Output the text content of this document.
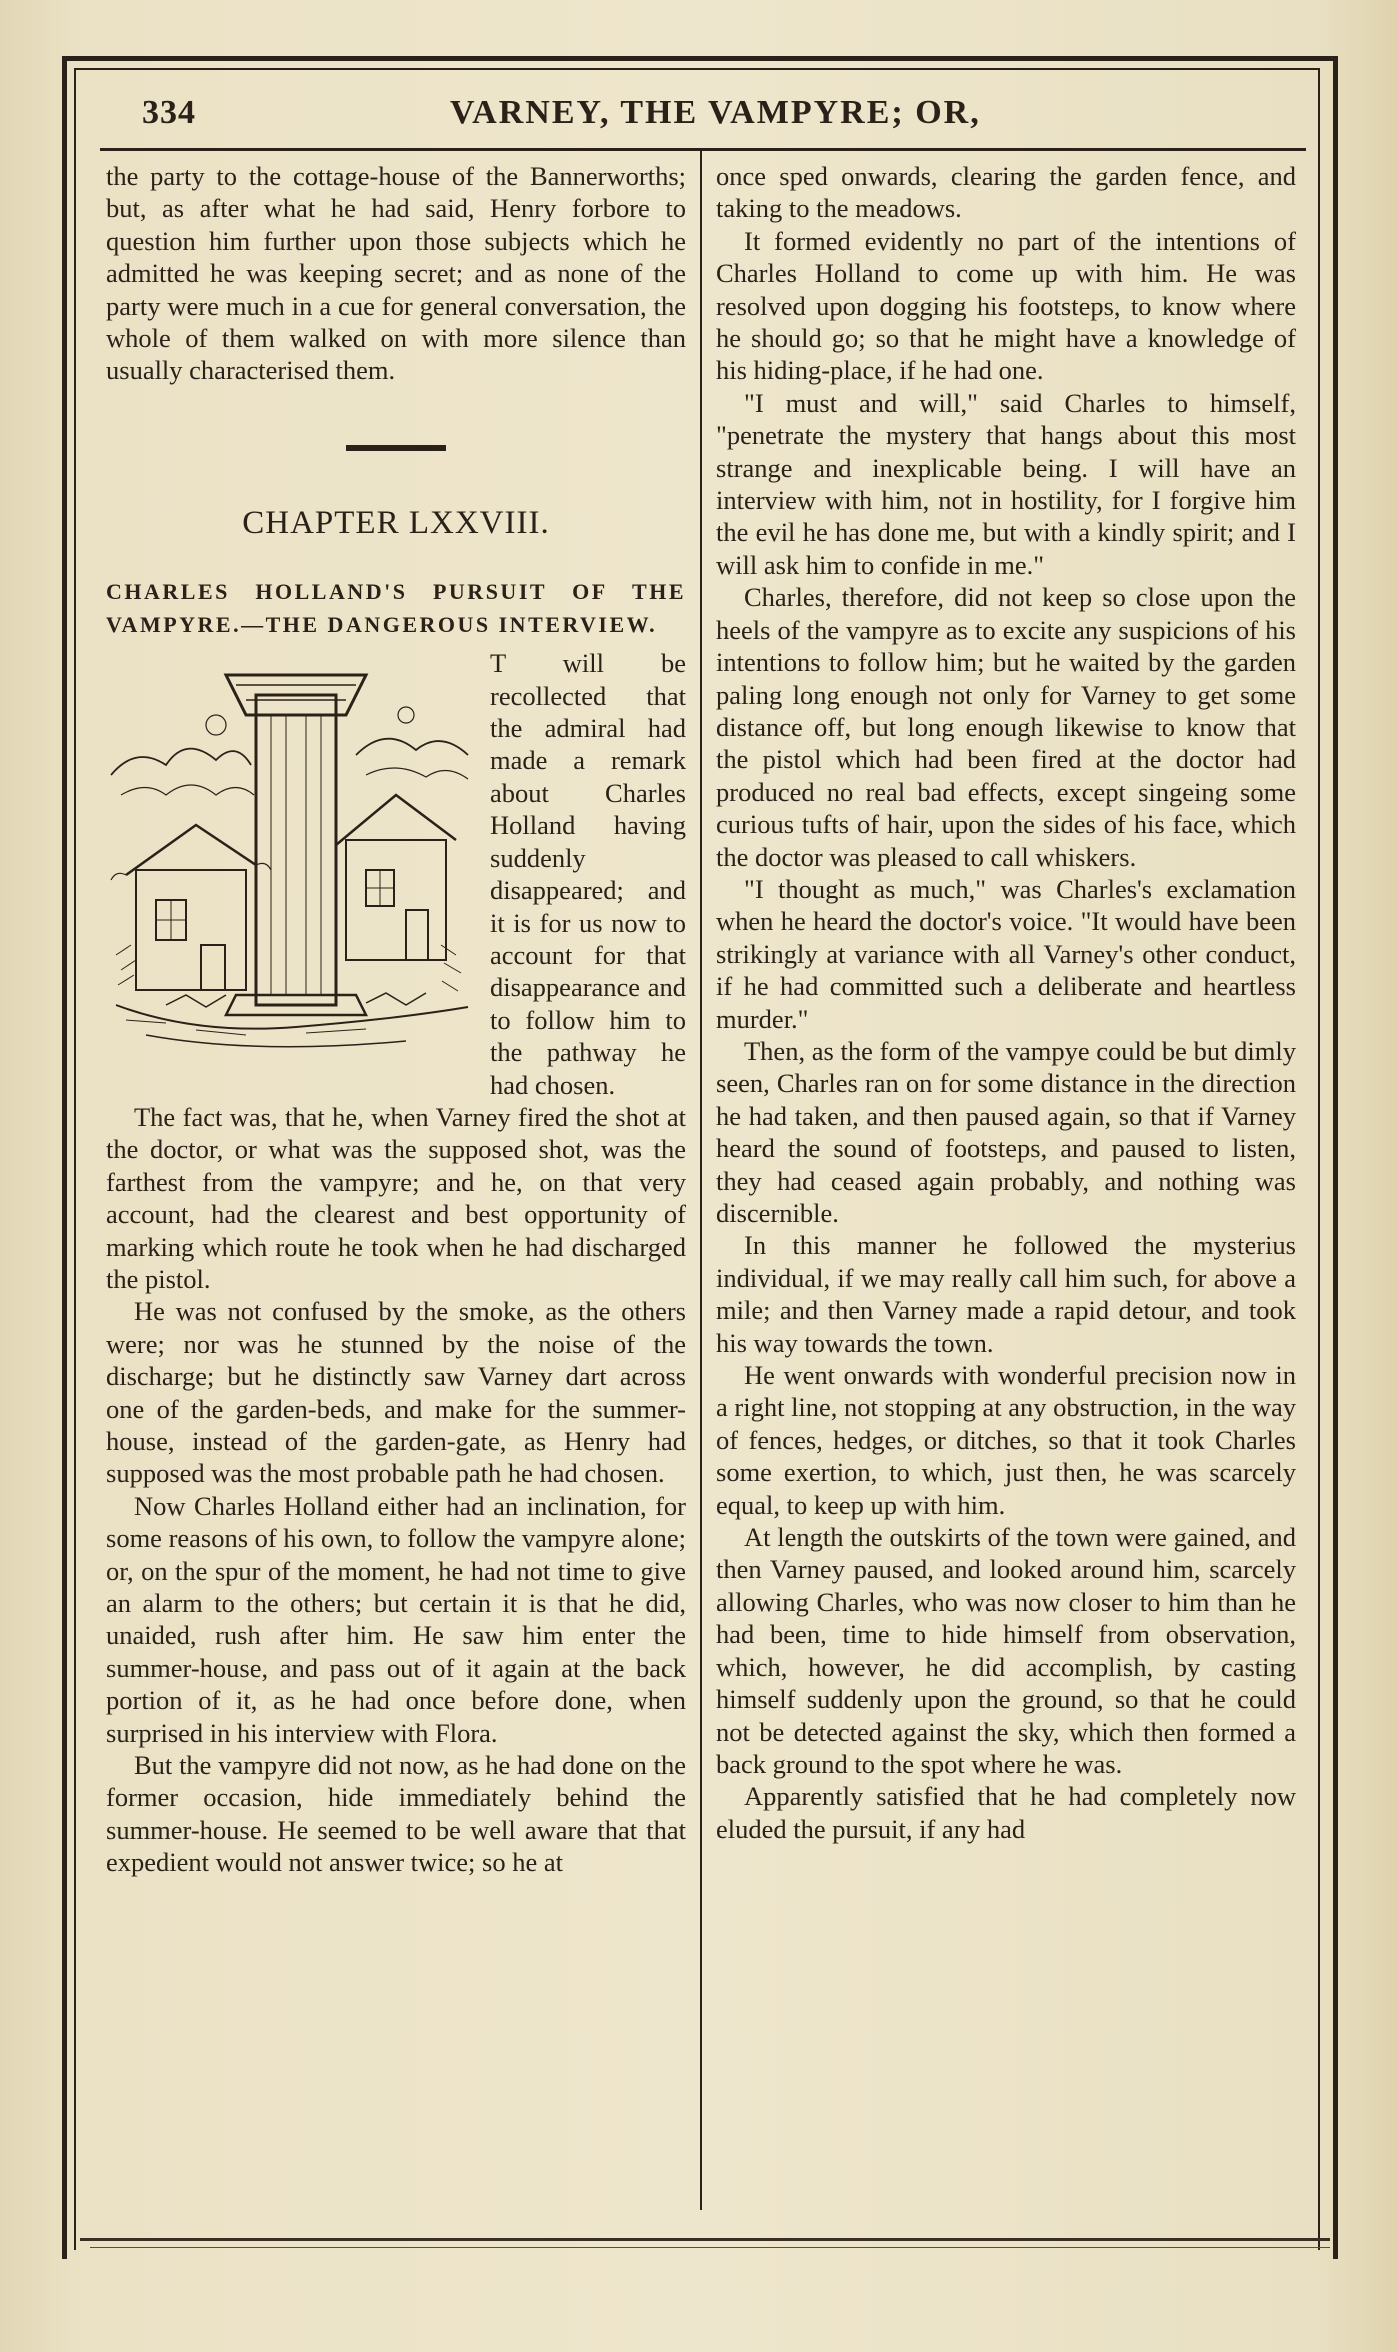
334	VARNEY, THE VAMPYRE; OR,

the party to the cottage-house of the Bannerworths; but, as after what he had said, Henry forbore to question him further upon those subjects which he admitted he was keeping secret; and as none of the party were much in a cue for general conversation, the whole of them walked on with more silence than usually characterised them.

CHAPTER LXXVIII.
CHARLES HOLLAND'S PURSUIT OF THE VAMPYRE.—THE DANGEROUS INTERVIEW.

T will be recollected that the admiral had made a remark about Charles Holland having suddenly disappeared; and it is for us now to account for that disappearance and to follow him to the pathway he had chosen.

The fact was, that he, when Varney fired the shot at the doctor, or what was the supposed shot, was the farthest from the vampyre; and he, on that very account, had the clearest and best opportunity of marking which route he took when he had discharged the pistol.

He was not confused by the smoke, as the others were; nor was he stunned by the noise of the discharge; but he distinctly saw Varney dart across one of the garden-beds, and make for the summer-house, instead of the garden-gate, as Henry had supposed was the most probable path he had chosen.

Now Charles Holland either had an inclination, for some reasons of his own, to follow the vampyre alone; or, on the spur of the moment, he had not time to give an alarm to the others; but certain it is that he did, unaided, rush after him. He saw him enter the summer-house, and pass out of it again at the back portion of it, as he had once before done, when surprised in his interview with Flora.

But the vampyre did not now, as he had done on the former occasion, hide immediately behind the summer-house. He seemed to be well aware that that expedient would not answer twice; so he at

once sped onwards, clearing the garden fence, and taking to the meadows.

It formed evidently no part of the intentions of Charles Holland to come up with him. He was resolved upon dogging his footsteps, to know where he should go; so that he might have a knowledge of his hiding-place, if he had one.

"I must and will," said Charles to himself, "penetrate the mystery that hangs about this most strange and inexplicable being. I will have an interview with him, not in hostility, for I forgive him the evil he has done me, but with a kindly spirit; and I will ask him to confide in me."

Charles, therefore, did not keep so close upon the heels of the vampyre as to excite any suspicions of his intentions to follow him; but he waited by the garden paling long enough not only for Varney to get some distance off, but long enough likewise to know that the pistol which had been fired at the doctor had produced no real bad effects, except singeing some curious tufts of hair, upon the sides of his face, which the doctor was pleased to call whiskers.

"I thought as much," was Charles's exclamation when he heard the doctor's voice. "It would have been strikingly at variance with all Varney's other conduct, if he had committed such a deliberate and heartless murder."

Then, as the form of the vampye could be but dimly seen, Charles ran on for some distance in the direction he had taken, and then paused again, so that if Varney heard the sound of footsteps, and paused to listen, they had ceased again probably, and nothing was discernible.

In this manner he followed the mysterius individual, if we may really call him such, for above a mile; and then Varney made a rapid detour, and took his way towards the town.

He went onwards with wonderful precision now in a right line, not stopping at any obstruction, in the way of fences, hedges, or ditches, so that it took Charles some exertion, to which, just then, he was scarcely equal, to keep up with him.

At length the outskirts of the town were gained, and then Varney paused, and looked around him, scarcely allowing Charles, who was now closer to him than he had been, time to hide himself from observation, which, however, he did accomplish, by casting himself suddenly upon the ground, so that he could not be detected against the sky, which then formed a back ground to the spot where he was.

Apparently satisfied that he had completely now eluded the pursuit, if any had
